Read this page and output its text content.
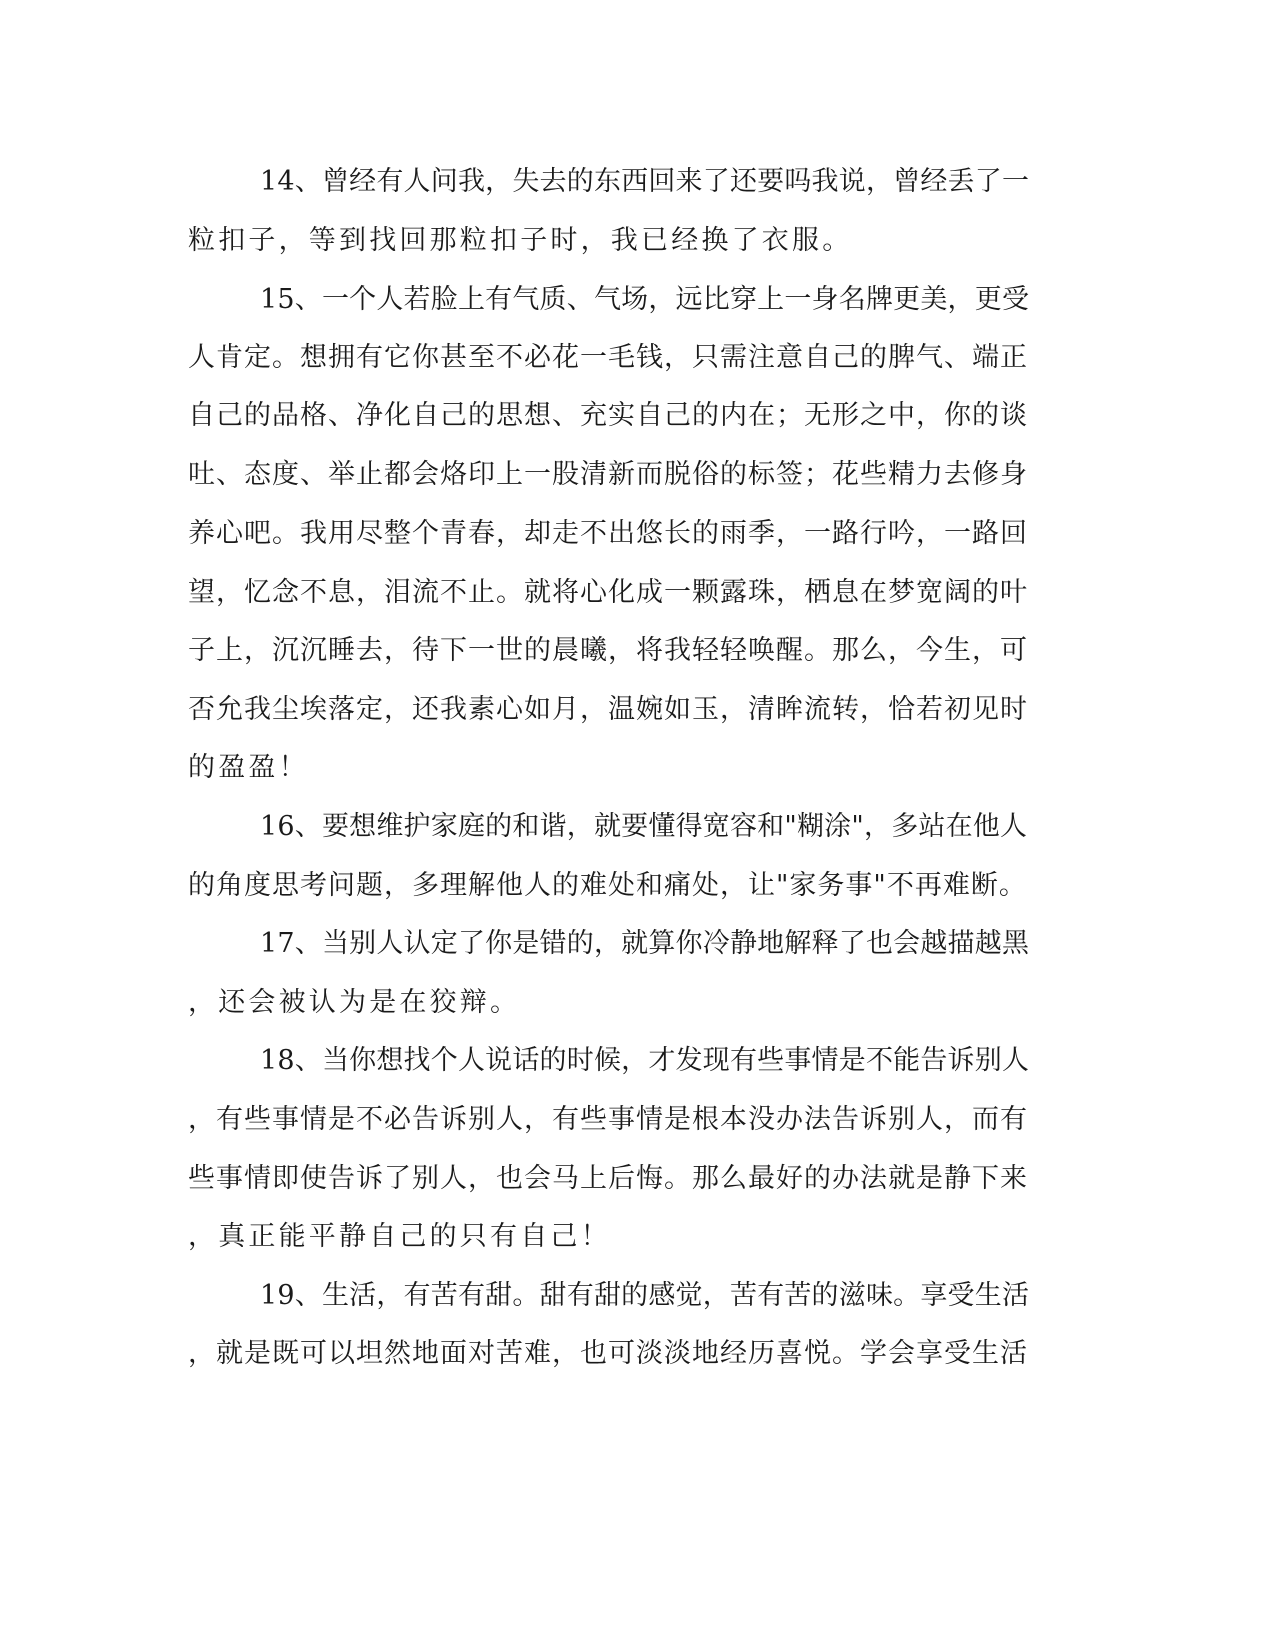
14、曾经有人问我，失去的东西回来了还要吗我说，曾经丢了一
粒扣子，等到找回那粒扣子时，我已经换了衣服。
15、一个人若脸上有气质、气场，远比穿上一身名牌更美，更受
人肯定。想拥有它你甚至不必花一毛钱，只需注意自己的脾气、端正
自己的品格、净化自己的思想、充实自己的内在；无形之中，你的谈
吐、态度、举止都会烙印上一股清新而脱俗的标签；花些精力去修身
养心吧。我用尽整个青春，却走不出悠长的雨季，一路行吟，一路回
望，忆念不息，泪流不止。就将心化成一颗露珠，栖息在梦宽阔的叶
子上，沉沉睡去，待下一世的晨曦，将我轻轻唤醒。那么，今生，可
否允我尘埃落定，还我素心如月，温婉如玉，清眸流转，恰若初见时
的盈盈！
16、要想维护家庭的和谐，就要懂得宽容和"糊涂"，多站在他人
的角度思考问题，多理解他人的难处和痛处，让"家务事"不再难断。
17、当别人认定了你是错的，就算你冷静地解释了也会越描越黑
，还会被认为是在狡辩。
18、当你想找个人说话的时候，才发现有些事情是不能告诉别人
，有些事情是不必告诉别人，有些事情是根本没办法告诉别人，而有
些事情即使告诉了别人，也会马上后悔。那么最好的办法就是静下来
，真正能平静自己的只有自己！
19、生活，有苦有甜。甜有甜的感觉，苦有苦的滋味。享受生活
，就是既可以坦然地面对苦难，也可淡淡地经历喜悦。学会享受生活
